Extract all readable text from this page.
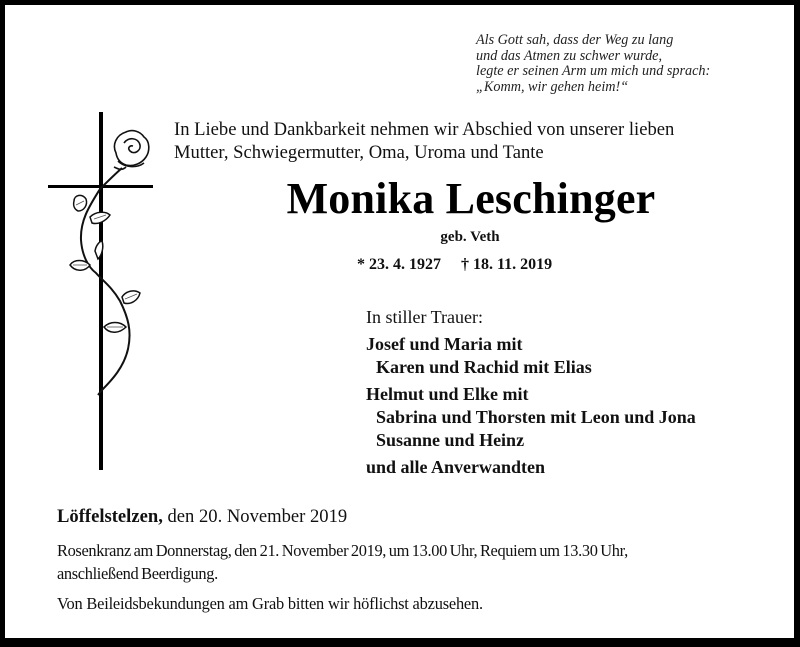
Als Gott sah, dass der Weg zu lang
und das Atmen zu schwer wurde,
legte er seinen Arm um mich und sprach:
„Komm, wir gehen heim!“
In Liebe und Dankbarkeit nehmen wir Abschied von unserer lieben
Mutter, Schwiegermutter, Oma, Uroma und Tante
Monika Leschinger
geb. Veth
* 23. 4. 1927 † 18. 11. 2019
In stiller Trauer:
Josef und Maria mit
Karen und Rachid mit Elias
Helmut und Elke mit
Sabrina und Thorsten mit Leon und Jona
Susanne und Heinz
und alle Anverwandten
Löffelstelzen, den 20. November 2019
Rosenkranz am Donnerstag, den 21. November 2019, um 13.00 Uhr, Requiem um 13.30 Uhr,
anschließend Beerdigung.
Von Beileidsbekundungen am Grab bitten wir höflichst abzusehen.
